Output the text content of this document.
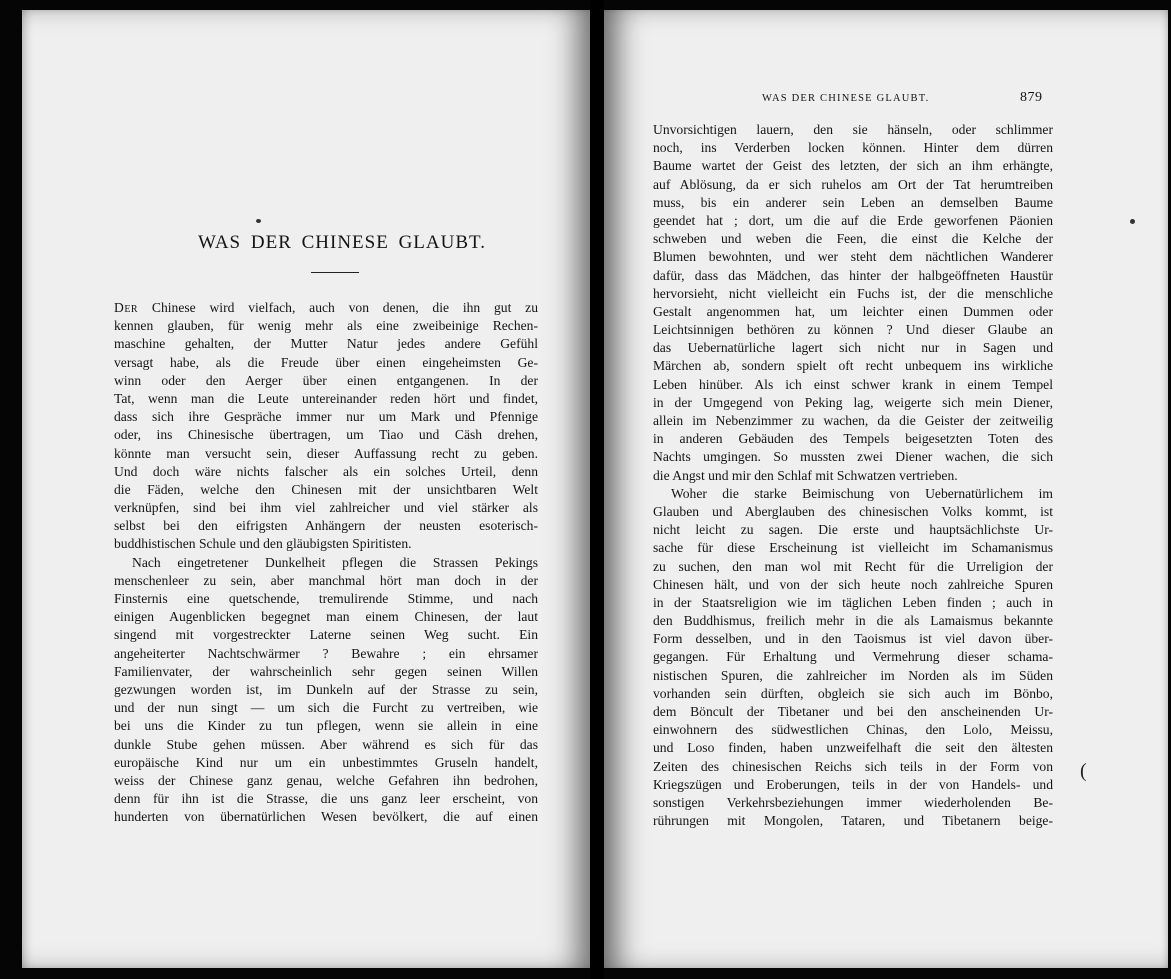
WAS DER CHINESE GLAUBT.
Der Chinese wird vielfach, auch von denen, die ihn gut zu
kennen glauben, für wenig mehr als eine zweibeinige Rechen-
maschine gehalten, der Mutter Natur jedes andere Gefühl
versagt habe, als die Freude über einen eingeheimsten Ge-
winn oder den Aerger über einen entgangenen. In der
Tat, wenn man die Leute untereinander reden hört und findet,
dass sich ihre Gespräche immer nur um Mark und Pfennige
oder, ins Chinesische übertragen, um Tiao und Cäsh drehen,
könnte man versucht sein, dieser Auffassung recht zu geben.
Und doch wäre nichts falscher als ein solches Urteil, denn
die Fäden, welche den Chinesen mit der unsichtbaren Welt
verknüpfen, sind bei ihm viel zahlreicher und viel stärker als
selbst bei den eifrigsten Anhängern der neusten esoterisch-
buddhistischen Schule und den gläubigsten Spiritisten.
Nach eingetretener Dunkelheit pflegen die Strassen Pekings
menschenleer zu sein, aber manchmal hört man doch in der
Finsternis eine quetschende, tremulirende Stimme, und nach
einigen Augenblicken begegnet man einem Chinesen, der laut
singend mit vorgestreckter Laterne seinen Weg sucht. Ein
angeheiterter Nachtschwärmer ? Bewahre ; ein ehrsamer
Familienvater, der wahrscheinlich sehr gegen seinen Willen
gezwungen worden ist, im Dunkeln auf der Strasse zu sein,
und der nun singt — um sich die Furcht zu vertreiben, wie
bei uns die Kinder zu tun pflegen, wenn sie allein in eine
dunkle Stube gehen müssen. Aber während es sich für das
europäische Kind nur um ein unbestimmtes Gruseln handelt,
weiss der Chinese ganz genau, welche Gefahren ihn bedrohen,
denn für ihn ist die Strasse, die uns ganz leer erscheint, von
hunderten von übernatürlichen Wesen bevölkert, die auf einen
WAS DER CHINESE GLAUBT.	879
(
Unvorsichtigen lauern, den sie hänseln, oder schlimmer
noch, ins Verderben locken können. Hinter dem dürren
Baume wartet der Geist des letzten, der sich an ihm erhängte,
auf Ablösung, da er sich ruhelos am Ort der Tat herumtreiben
muss, bis ein anderer sein Leben an demselben Baume
geendet hat ; dort, um die auf die Erde geworfenen Päonien
schweben und weben die Feen, die einst die Kelche der
Blumen bewohnten, und wer steht dem nächtlichen Wanderer
dafür, dass das Mädchen, das hinter der halbgeöffneten Haustür
hervorsieht, nicht vielleicht ein Fuchs ist, der die menschliche
Gestalt angenommen hat, um leichter einen Dummen oder
Leichtsinnigen bethören zu können ? Und dieser Glaube an
das Uebernatürliche lagert sich nicht nur in Sagen und
Märchen ab, sondern spielt oft recht unbequem ins wirkliche
Leben hinüber. Als ich einst schwer krank in einem Tempel
in der Umgegend von Peking lag, weigerte sich mein Diener,
allein im Nebenzimmer zu wachen, da die Geister der zeitweilig
in anderen Gebäuden des Tempels beigesetzten Toten des
Nachts umgingen. So mussten zwei Diener wachen, die sich
die Angst und mir den Schlaf mit Schwatzen vertrieben.
Woher die starke Beimischung von Uebernatürlichem im
Glauben und Aberglauben des chinesischen Volks kommt, ist
nicht leicht zu sagen. Die erste und hauptsächlichste Ur-
sache für diese Erscheinung ist vielleicht im Schamanismus
zu suchen, den man wol mit Recht für die Urreligion der
Chinesen hält, und von der sich heute noch zahlreiche Spuren
in der Staatsreligion wie im täglichen Leben finden ; auch in
den Buddhismus, freilich mehr in die als Lamaismus bekannte
Form desselben, und in den Taoismus ist viel davon über-
gegangen. Für Erhaltung und Vermehrung dieser schama-
nistischen Spuren, die zahlreicher im Norden als im Süden
vorhanden sein dürften, obgleich sie sich auch im Bönbo,
dem Böncult der Tibetaner und bei den anscheinenden Ur-
einwohnern des südwestlichen Chinas, den Lolo, Meissu,
und Loso finden, haben unzweifelhaft die seit den ältesten
Zeiten des chinesischen Reichs sich teils in der Form von
Kriegszügen und Eroberungen, teils in der von Handels- und
sonstigen Verkehrsbeziehungen immer wiederholenden Be-
rührungen mit Mongolen, Tataren, und Tibetanern beige-
